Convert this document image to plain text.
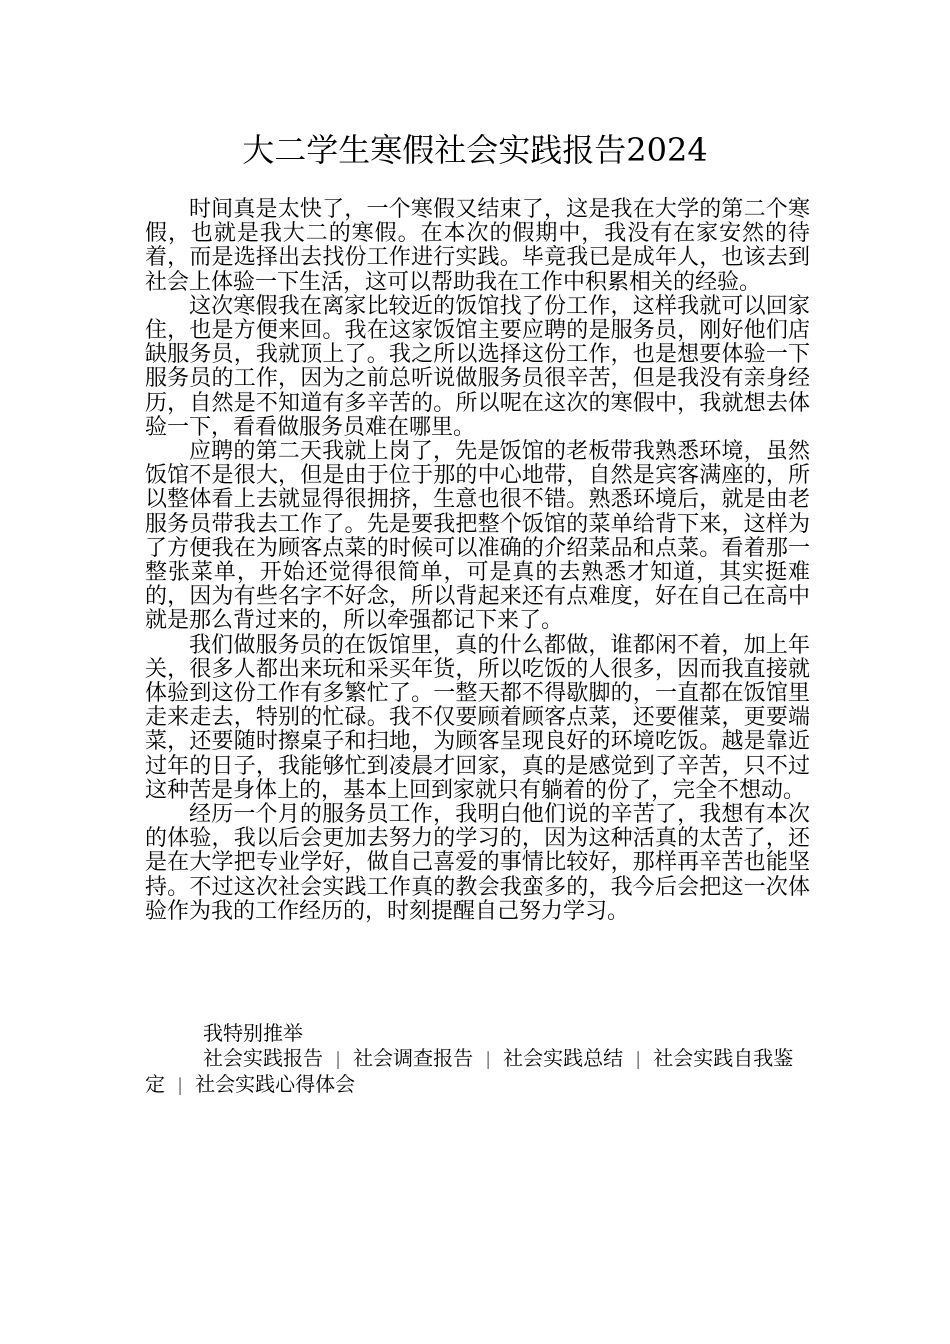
大二学生寒假社会实践报告2024

时间真是太快了，一个寒假又结束了，这是我在大学的第二个寒假，也就是我大二的寒假。在本次的假期中，我没有在家安然的待着，而是选择出去找份工作进行实践。毕竟我已是成年人，也该去到社会上体验一下生活，这可以帮助我在工作中积累相关的经验。

这次寒假我在离家比较近的饭馆找了份工作，这样我就可以回家住，也是方便来回。我在这家饭馆主要应聘的是服务员，刚好他们店缺服务员，我就顶上了。我之所以选择这份工作，也是想要体验一下服务员的工作，因为之前总听说做服务员很辛苦，但是我没有亲身经历，自然是不知道有多辛苦的。所以呢在这次的寒假中，我就想去体验一下，看看做服务员难在哪里。

应聘的第二天我就上岗了，先是饭馆的老板带我熟悉环境，虽然饭馆不是很大，但是由于位于那的中心地带，自然是宾客满座的，所以整体看上去就显得很拥挤，生意也很不错。熟悉环境后，就是由老服务员带我去工作了。先是要我把整个饭馆的菜单给背下来，这样为了方便我在为顾客点菜的时候可以准确的介绍菜品和点菜。看着那一整张菜单，开始还觉得很简单，可是真的去熟悉才知道，其实挺难的，因为有些名字不好念，所以背起来还有点难度，好在自己在高中就是那么背过来的，所以牵强都记下来了。

我们做服务员的在饭馆里，真的什么都做，谁都闲不着，加上年关，很多人都出来玩和采买年货，所以吃饭的人很多，因而我直接就体验到这份工作有多繁忙了。一整天都不得歇脚的，一直都在饭馆里走来走去，特别的忙碌。我不仅要顾着顾客点菜，还要催菜，更要端菜，还要随时擦桌子和扫地，为顾客呈现良好的环境吃饭。越是靠近过年的日子，我能够忙到凌晨才回家，真的是感觉到了辛苦，只不过这种苦是身体上的，基本上回到家就只有躺着的份了，完全不想动。

经历一个月的服务员工作，我明白他们说的辛苦了，我想有本次的体验，我以后会更加去努力的学习的，因为这种活真的太苦了，还是在大学把专业学好，做自己喜爱的事情比较好，那样再辛苦也能坚持。不过这次社会实践工作真的教会我蛮多的，我今后会把这一次体验作为我的工作经历的，时刻提醒自己努力学习。

我特别推举

社会实践报告 | 社会调查报告 | 社会实践总结 | 社会实践自我鉴定 | 社会实践心得体会
